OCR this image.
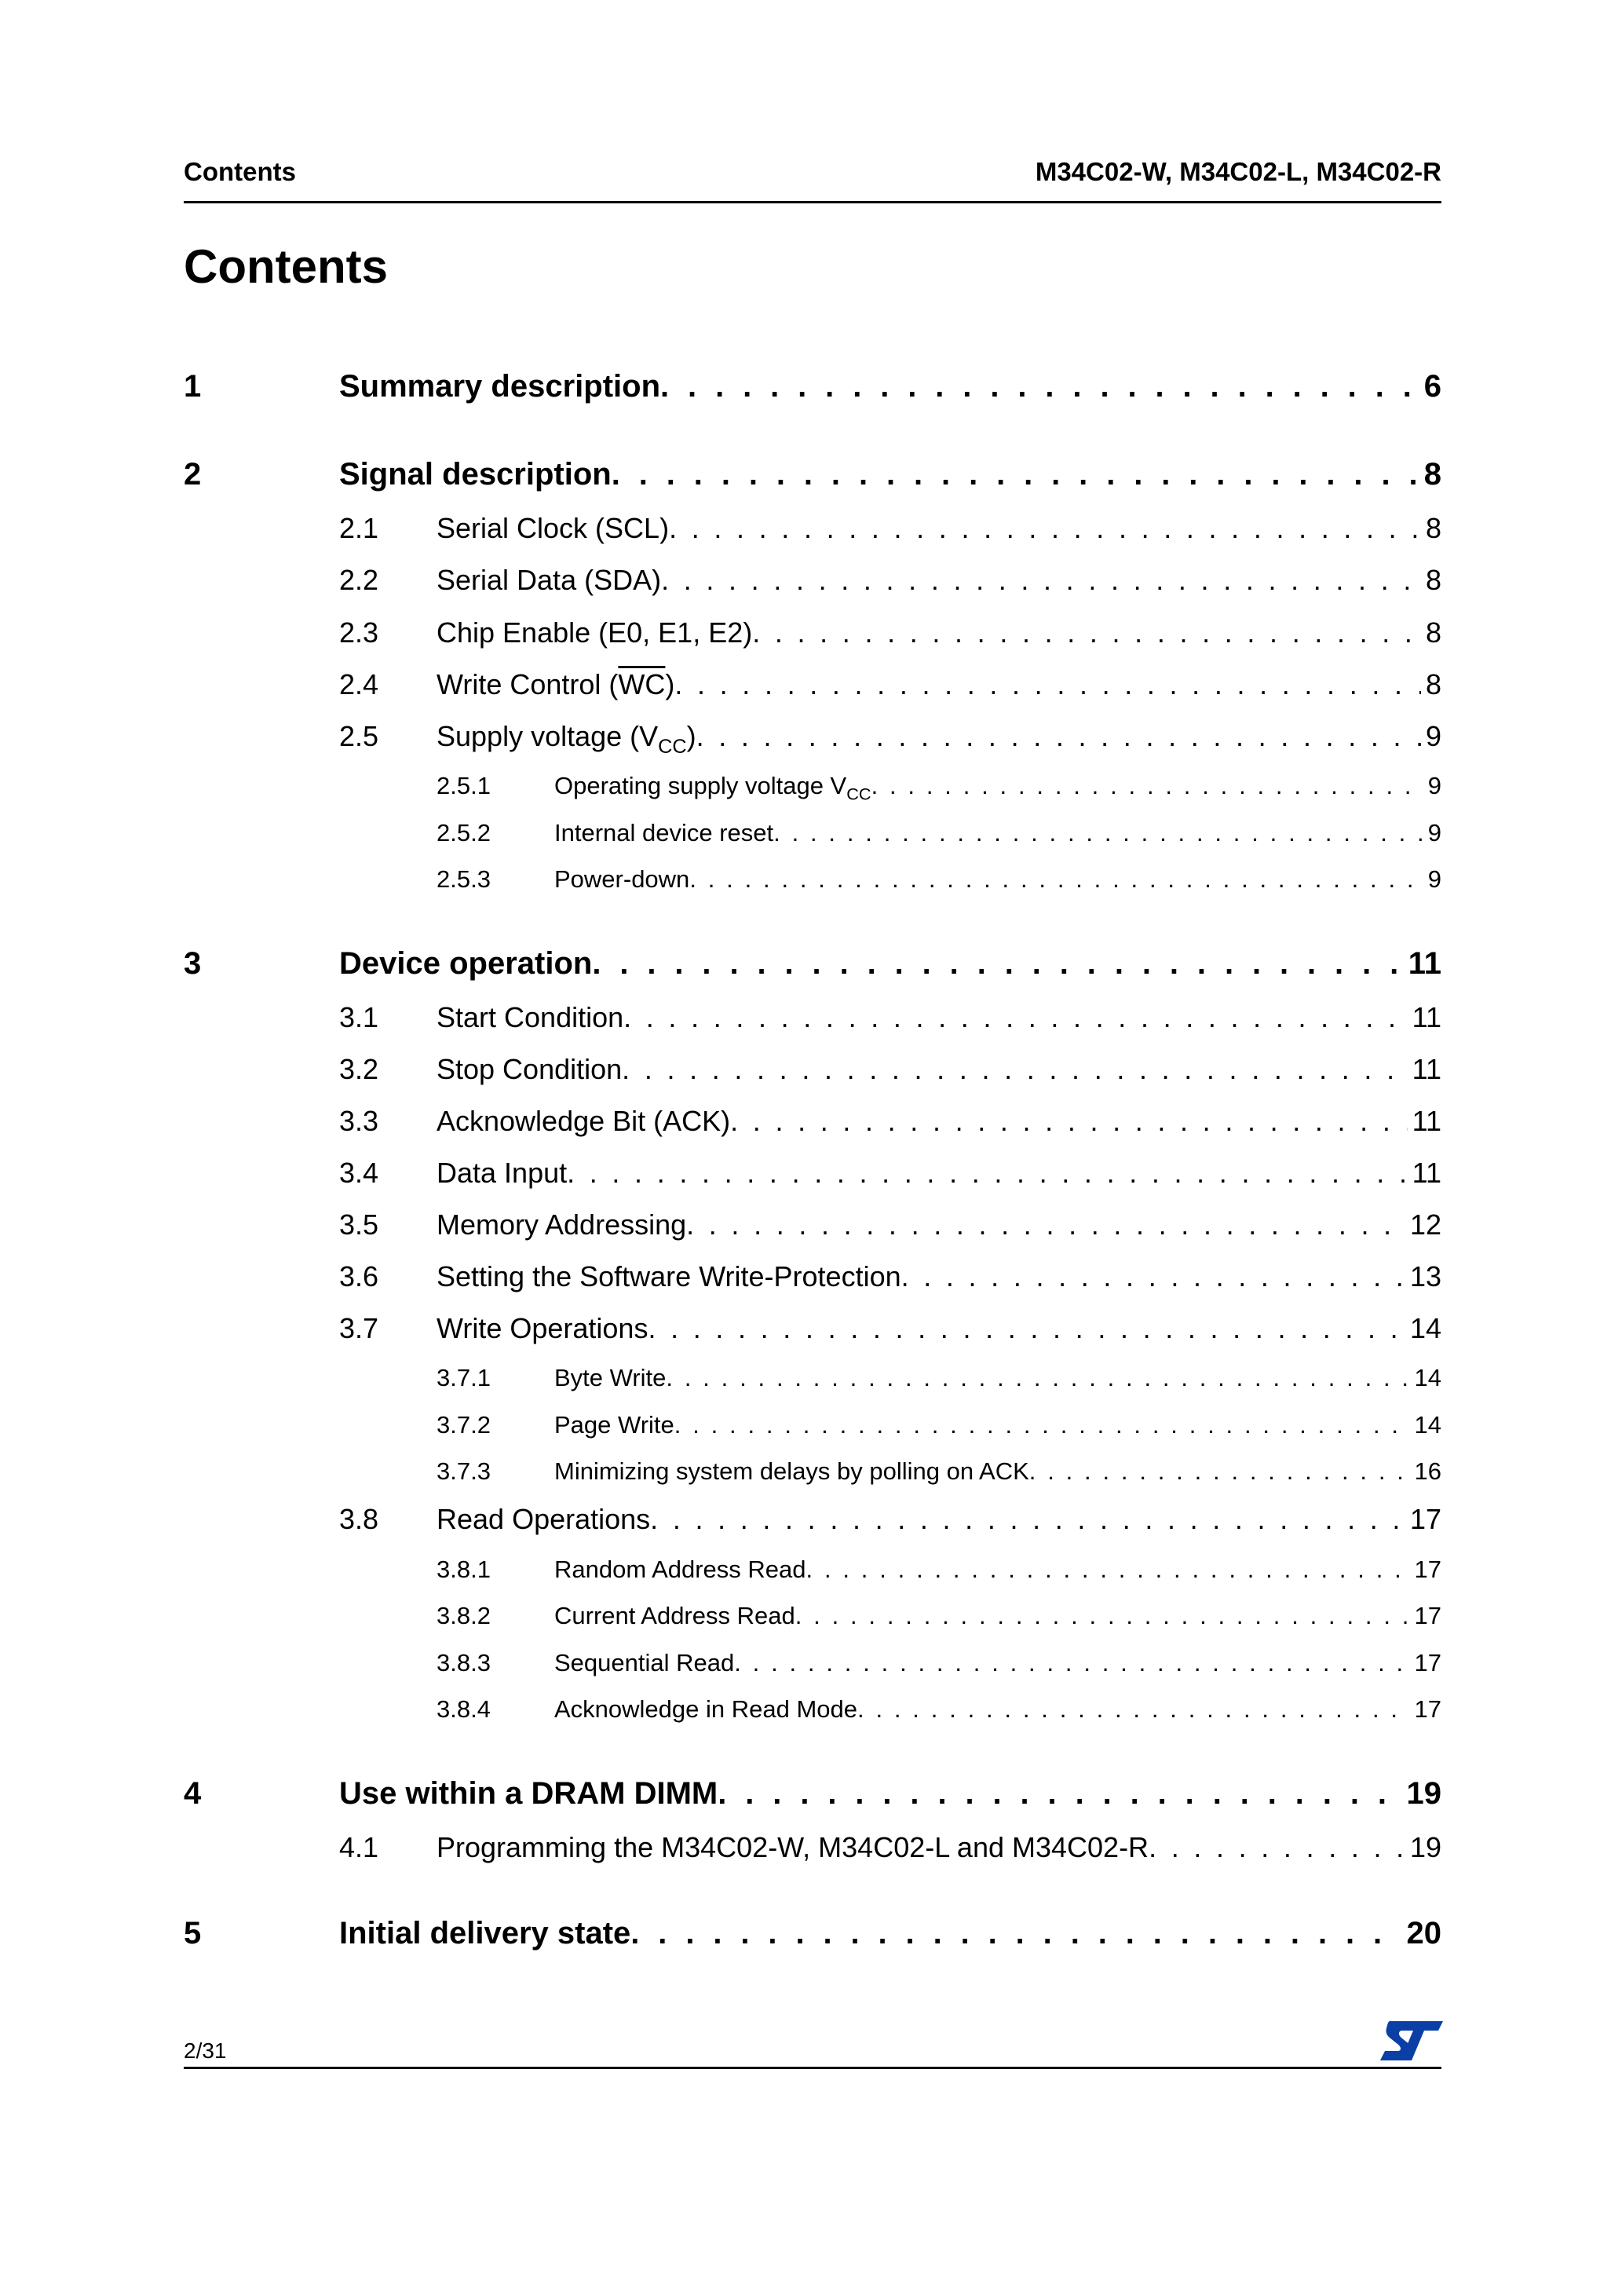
Contents	M34C02-W, M34C02-L, M34C02-R
Contents
1	Summary description . . .	6
2	Signal description . . .	8
2.1	Serial Clock (SCL) . . .	8
2.2	Serial Data (SDA) . . .	8
2.3	Chip Enable (E0, E1, E2) . . .	8
2.4	Write Control $(\overline{WC})$ . . .	8
2.5	Supply voltage $(V_{CC})$ . . .	9
2.5.1	Operating supply voltage $V_{CC}$ . . .	9
2.5.2	Internal device reset . . .	9
2.5.3	Power-down . . .	9
3	Device operation . . .	11
3.1	Start Condition . . .	11
3.2	Stop Condition . . .	11
3.3	Acknowledge Bit (ACK) . . .	11
3.4	Data Input . . .	11
3.5	Memory Addressing . . .	12
3.6	Setting the Software Write-Protection . . .	13
3.7	Write Operations . . .	14
3.7.1	Byte Write . . .	14
3.7.2	Page Write . . .	14
3.7.3	Minimizing system delays by polling on ACK . . .	16
3.8	Read Operations . . .	17
3.8.1	Random Address Read . . .	17
3.8.2	Current Address Read . . .	17
3.8.3	Sequential Read . . .	17
3.8.4	Acknowledge in Read Mode . . .	17
4	Use within a DRAM DIMM . . .	19
4.1	Programming the M34C02-W, M34C02-L and M34C02-R . . .	19
5	Initial delivery state . . .	20
2/31
